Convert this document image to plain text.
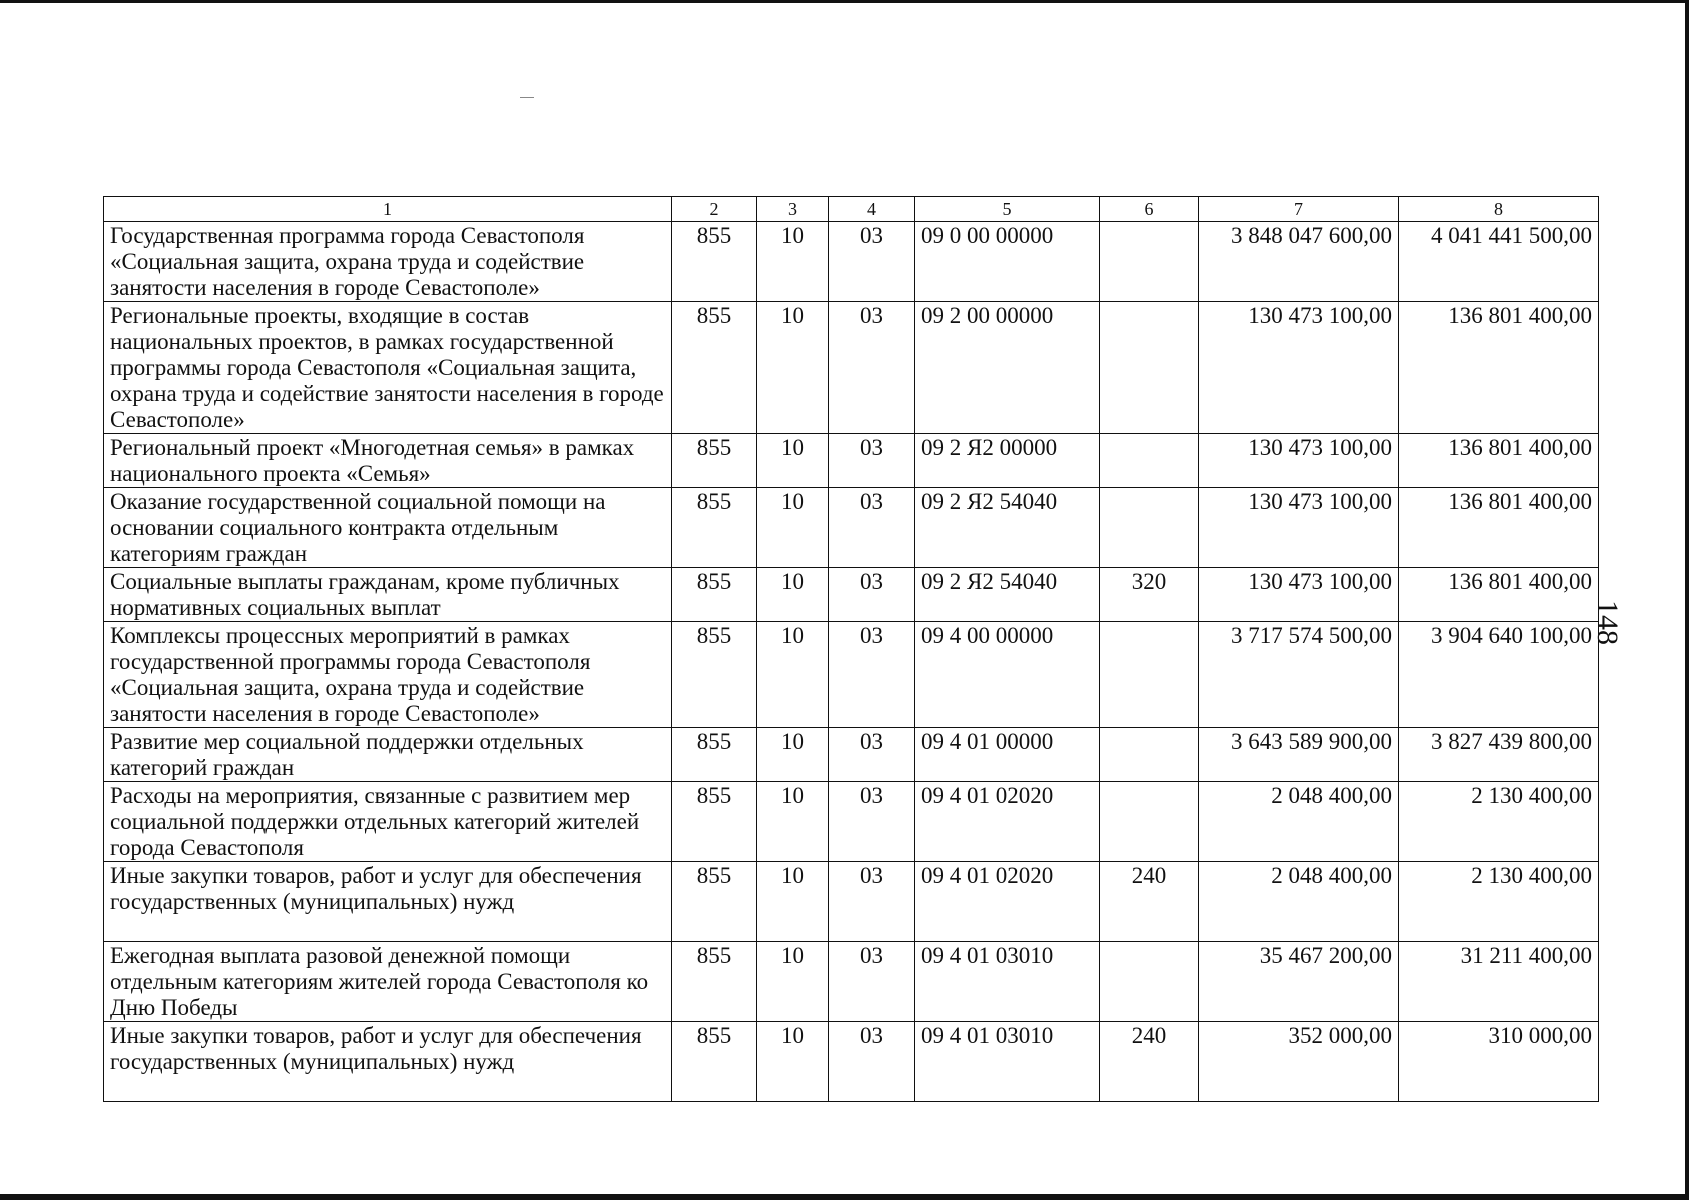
1	2	3	4	5	6	7	8
Государственная программа города Севастополя «Социальная защита, охрана труда и содействие занятости населения в городе Севастополе»	855	10	03	09 0 00 00000		3 848 047 600,00	4 041 441 500,00
Региональные проекты, входящие в состав национальных проектов, в рамках государственной программы города Севастополя «Социальная защита, охрана труда и содействие занятости населения в городе Севастополе»	855	10	03	09 2 00 00000		130 473 100,00	136 801 400,00
Региональный проект «Многодетная семья» в рамках национального проекта «Семья»	855	10	03	09 2 Я2 00000		130 473 100,00	136 801 400,00
Оказание государственной социальной помощи на основании социального контракта отдельным категориям граждан	855	10	03	09 2 Я2 54040		130 473 100,00	136 801 400,00
Социальные выплаты гражданам, кроме публичных нормативных социальных выплат	855	10	03	09 2 Я2 54040	320	130 473 100,00	136 801 400,00
Комплексы процессных мероприятий в рамках государственной программы города Севастополя «Социальная защита, охрана труда и содействие занятости населения в городе Севастополе»	855	10	03	09 4 00 00000		3 717 574 500,00	3 904 640 100,00
Развитие мер социальной поддержки отдельных категорий граждан	855	10	03	09 4 01 00000		3 643 589 900,00	3 827 439 800,00
Расходы на мероприятия, связанные с развитием мер социальной поддержки отдельных категорий жителей города Севастополя	855	10	03	09 4 01 02020		2 048 400,00	2 130 400,00
Иные закупки товаров, работ и услуг для обеспечения государственных (муниципальных) нужд	855	10	03	09 4 01 02020	240	2 048 400,00	2 130 400,00
Ежегодная выплата разовой денежной помощи отдельным категориям жителей города Севастополя ко Дню Победы	855	10	03	09 4 01 03010		35 467 200,00	31 211 400,00
Иные закупки товаров, работ и услуг для обеспечения государственных (муниципальных) нужд	855	10	03	09 4 01 03010	240	352 000,00	310 000,00
148
